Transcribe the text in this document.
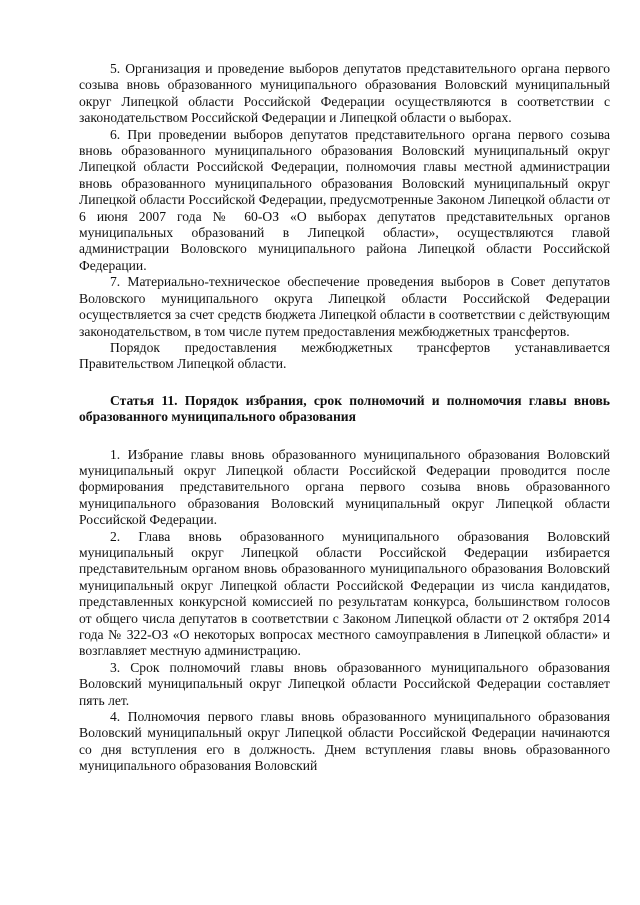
5. Организация и проведение выборов депутатов представительного органа первого созыва вновь образованного муниципального образования Воловский муниципальный округ Липецкой области Российской Федерации осуществляются в соответствии с законодательством Российской Федерации и Липецкой области о выборах.

6. При проведении выборов депутатов представительного органа первого созыва вновь образованного муниципального образования Воловский муниципальный округ Липецкой области Российской Федерации, полномочия главы местной администрации вновь образованного муниципального образования Воловский муниципальный округ Липецкой области Российской Федерации, предусмотренные Законом Липецкой области от 6 июня 2007 года № 60-ОЗ «О выборах депутатов представительных органов муниципальных образований в Липецкой области», осуществляются главой администрации Воловского муниципального района Липецкой области Российской Федерации.

7. Материально-техническое обеспечение проведения выборов в Совет депутатов Воловского муниципального округа Липецкой области Российской Федерации осуществляется за счет средств бюджета Липецкой области в соответствии с действующим законодательством, в том числе путем предоставления межбюджетных трансфертов.

Порядок предоставления межбюджетных трансфертов устанавливается Правительством Липецкой области.

Статья 11. Порядок избрания, срок полномочий и полномочия главы вновь образованного муниципального образования

1. Избрание главы вновь образованного муниципального образования Воловский муниципальный округ Липецкой области Российской Федерации проводится после формирования представительного органа первого созыва вновь образованного муниципального образования Воловский муниципальный округ Липецкой области Российской Федерации.

2. Глава вновь образованного муниципального образования Воловский муниципальный округ Липецкой области Российской Федерации избирается представительным органом вновь образованного муниципального образования Воловский муниципальный округ Липецкой области Российской Федерации из числа кандидатов, представленных конкурсной комиссией по результатам конкурса, большинством голосов от общего числа депутатов в соответствии с Законом Липецкой области от 2 октября 2014 года № 322-ОЗ «О некоторых вопросах местного самоуправления в Липецкой области» и возглавляет местную администрацию.

3. Срок полномочий главы вновь образованного муниципального образования Воловский муниципальный округ Липецкой области Российской Федерации составляет пять лет.

4. Полномочия первого главы вновь образованного муниципального образования Воловский муниципальный округ Липецкой области Российской Федерации начинаются со дня вступления его в должность. Днем вступления главы вновь образованного муниципального образования Воловский
